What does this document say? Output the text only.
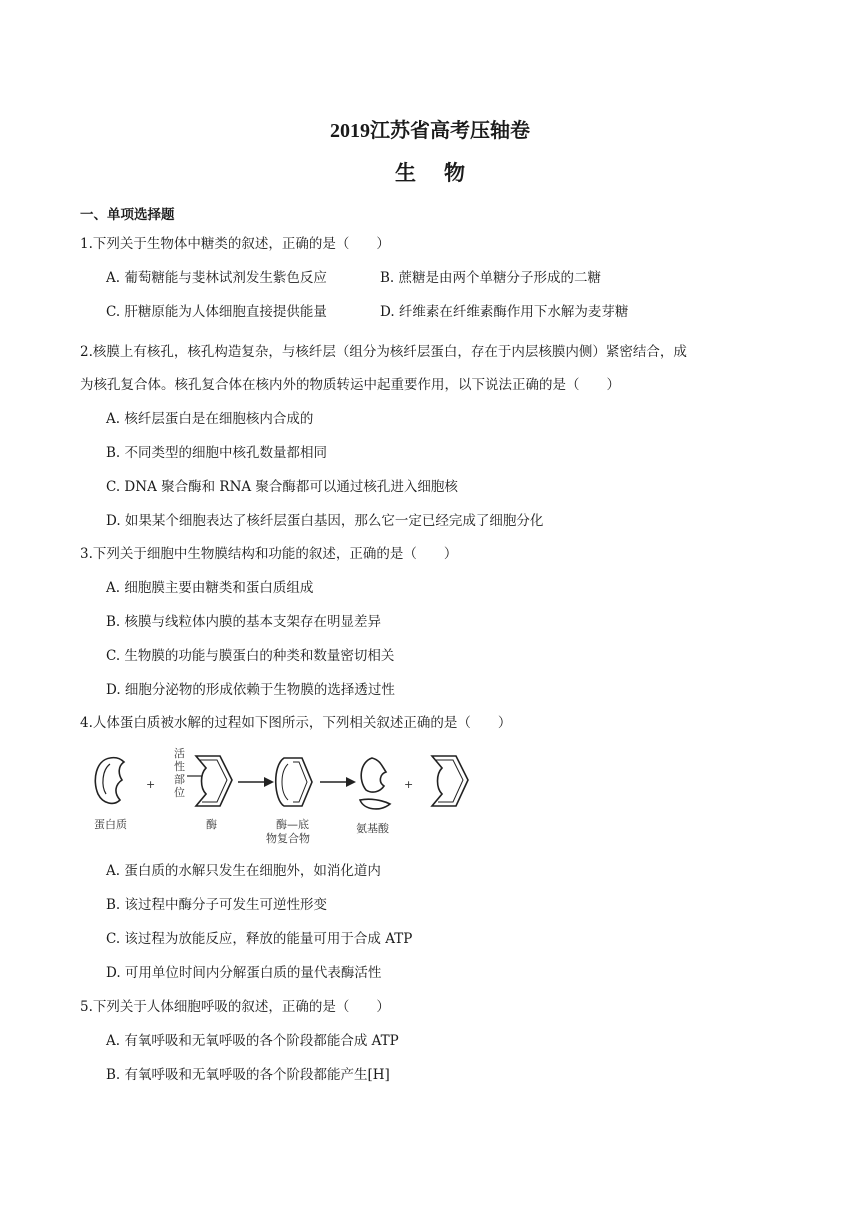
2019江苏省高考压轴卷
生物
一、单项选择题
1.下列关于生物体中糖类的叙述，正确的是（　　）
A. 葡萄糖能与斐林试剂发生紫色反应	B. 蔗糖是由两个单糖分子形成的二糖
C. 肝糖原能为人体细胞直接提供能量	D. 纤维素在纤维素酶作用下水解为麦芽糖
2.核膜上有核孔，核孔构造复杂，与核纤层（组分为核纤层蛋白，存在于内层核膜内侧）紧密结合，成
为核孔复合体。核孔复合体在核内外的物质转运中起重要作用，以下说法正确的是（　　）
A. 核纤层蛋白是在细胞核内合成的
B. 不同类型的细胞中核孔数量都相同
C. DNA 聚合酶和 RNA 聚合酶都可以通过核孔进入细胞核
D. 如果某个细胞表达了核纤层蛋白基因，那么它一定已经完成了细胞分化
3.下列关于细胞中生物膜结构和功能的叙述，正确的是（　　）
A. 细胞膜主要由糖类和蛋白质组成
B. 核膜与线粒体内膜的基本支架存在明显差异
C. 生物膜的功能与膜蛋白的种类和数量密切相关
D. 细胞分泌物的形成依赖于生物膜的选择透过性
4.人体蛋白质被水解的过程如下图所示，下列相关叙述正确的是（　　）
+
活
性
部
位
酶	酶—底
物复合物
氨基酸
+
蛋白质
A. 蛋白质的水解只发生在细胞外，如消化道内
B. 该过程中酶分子可发生可逆性形变
C. 该过程为放能反应，释放的能量可用于合成 ATP
D. 可用单位时间内分解蛋白质的量代表酶活性
5.下列关于人体细胞呼吸的叙述，正确的是（　　）
A. 有氧呼吸和无氧呼吸的各个阶段都能合成 ATP
B. 有氧呼吸和无氧呼吸的各个阶段都能产生[H]
